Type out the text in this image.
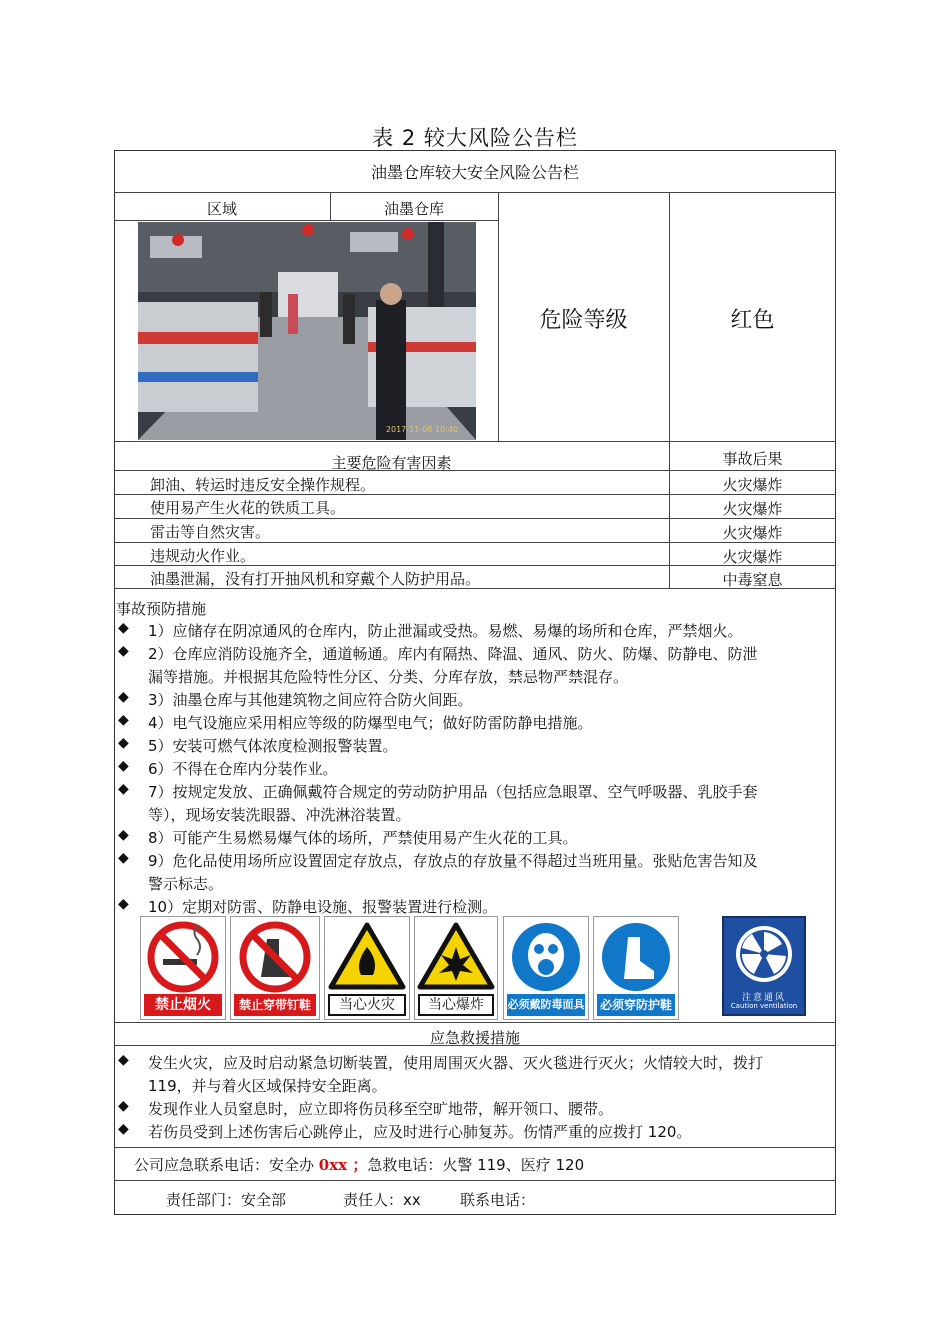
表 2 较大风险公告栏
油墨仓库较大安全风险公告栏
区域	油墨仓库
危险等级	红色
2017-11-08 10:40
主要危险有害因素	事故后果
卸油、转运时违反安全操作规程。	火灾爆炸
使用易产生火花的铁质工具。	火灾爆炸
雷击等自然灾害。	火灾爆炸
违规动火作业。	火灾爆炸
油墨泄漏，没有打开抽风机和穿戴个人防护用品。	中毒窒息
事故预防措施
◆ 1）应储存在阴凉通风的仓库内，防止泄漏或受热。易燃、易爆的场所和仓库，严禁烟火。
◆ 2）仓库应消防设施齐全，通道畅通。库内有隔热、降温、通风、防火、防爆、防静电、防泄
漏等措施。并根据其危险特性分区、分类、分库存放，禁忌物严禁混存。
◆ 3）油墨仓库与其他建筑物之间应符合防火间距。
◆ 4）电气设施应采用相应等级的防爆型电气；做好防雷防静电措施。
◆ 5）安装可燃气体浓度检测报警装置。
◆ 6）不得在仓库内分装作业。
◆ 7）按规定发放、正确佩戴符合规定的劳动防护用品（包括应急眼罩、空气呼吸器、乳胶手套
等），现场安装洗眼器、冲洗淋浴装置。
◆ 8）可能产生易燃易爆气体的场所，严禁使用易产生火花的工具。
◆ 9）危化品使用场所应设置固定存放点，存放点的存放量不得超过当班用量。张贴危害告知及
警示标志。
◆ 10）定期对防雷、防静电设施、报警装置进行检测。
禁止烟火	禁止穿带钉鞋	当心火灾	当心爆炸	必须戴防毒面具 必须穿防护鞋	注意通风
Caution ventilation
应急救援措施
◆ 发生火灾，应及时启动紧急切断装置，使用周围灭火器、灭火毯进行灭火；火情较大时，拨打
119，并与着火区域保持安全距离。
◆ 发现作业人员窒息时，应立即将伤员移至空旷地带，解开领口、腰带。
◆ 若伤员受到上述伤害后心跳停止，应及时进行心肺复苏。伤情严重的应拨打 120。
公司应急联系电话：安全办 0xx ；急救电话：火警 119、医疗 120
责任部门：安全部	责任人：xx	联系电话：
